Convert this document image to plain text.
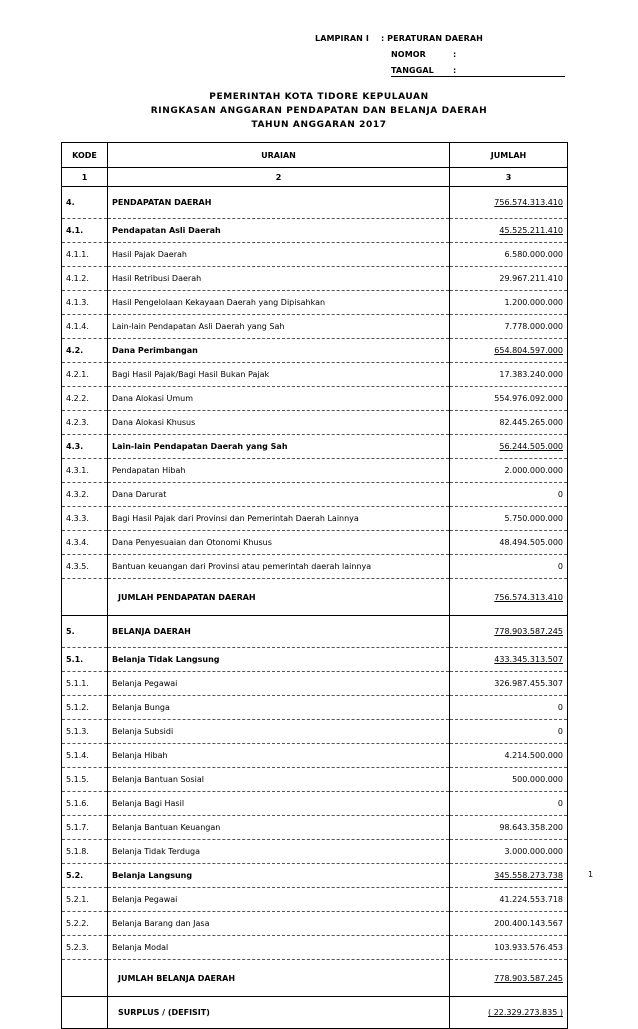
LAMPIRAN I : PERATURAN DAERAH
NOMOR	:
TANGGAL :
PEMERINTAH KOTA TIDORE KEPULAUAN
RINGKASAN ANGGARAN PENDAPATAN DAN BELANJA DAERAH
TAHUN ANGGARAN 2017
KODE	URAIAN	JUMLAH
1	2	3
4.	PENDAPATAN DAERAH	756.574.313.410
4.1.	Pendapatan Asli Daerah	45.525.211.410
4.1.1.	Hasil Pajak Daerah	6.580.000.000
4.1.2.	Hasil Retribusi Daerah	29.967.211.410
4.1.3.	Hasil Pengelolaan Kekayaan Daerah yang Dipisahkan	1.200.000.000
4.1.4.	Lain-lain Pendapatan Asli Daerah yang Sah	7.778.000.000
4.2.	Dana Perimbangan	654.804.597.000
4.2.1.	Bagi Hasil Pajak/Bagi Hasil Bukan Pajak	17.383.240.000
4.2.2.	Dana Alokasi Umum	554.976.092.000
4.2.3.	Dana Alokasi Khusus	82.445.265.000
4.3.	Lain-lain Pendapatan Daerah yang Sah	56.244.505.000
4.3.1.	Pendapatan Hibah	2.000.000.000
4.3.2.	Dana Darurat	0
4.3.3.	Bagi Hasil Pajak dari Provinsi dan Pemerintah Daerah Lainnya	5.750.000.000
4.3.4.	Dana Penyesuaian dan Otonomi Khusus	48.494.505.000
4.3.5.	Bantuan keuangan dari Provinsi atau pemerintah daerah lainnya	0
	JUMLAH PENDAPATAN DAERAH	756.574.313.410
5.	BELANJA DAERAH	778.903.587.245
5.1.	Belanja Tidak Langsung	433.345.313.507
5.1.1.	Belanja Pegawai	326.987.455.307
5.1.2.	Belanja Bunga	0
5.1.3.	Belanja Subsidi	0
5.1.4.	Belanja Hibah	4.214.500.000
5.1.5.	Belanja Bantuan Sosial	500.000.000
5.1.6.	Belanja Bagi Hasil	0
5.1.7.	Belanja Bantuan Keuangan	98.643.358.200
5.1.8.	Belanja Tidak Terduga	3.000.000.000
5.2.	Belanja Langsung	345.558.273.738
5.2.1.	Belanja Pegawai	41.224.553.718
5.2.2.	Belanja Barang dan Jasa	200.400.143.567
5.2.3.	Belanja Modal	103.933.576.453
	JUMLAH BELANJA DAERAH	778.903.587.245
	SURPLUS / (DEFISIT)	( 22.329.273.835 )
1
